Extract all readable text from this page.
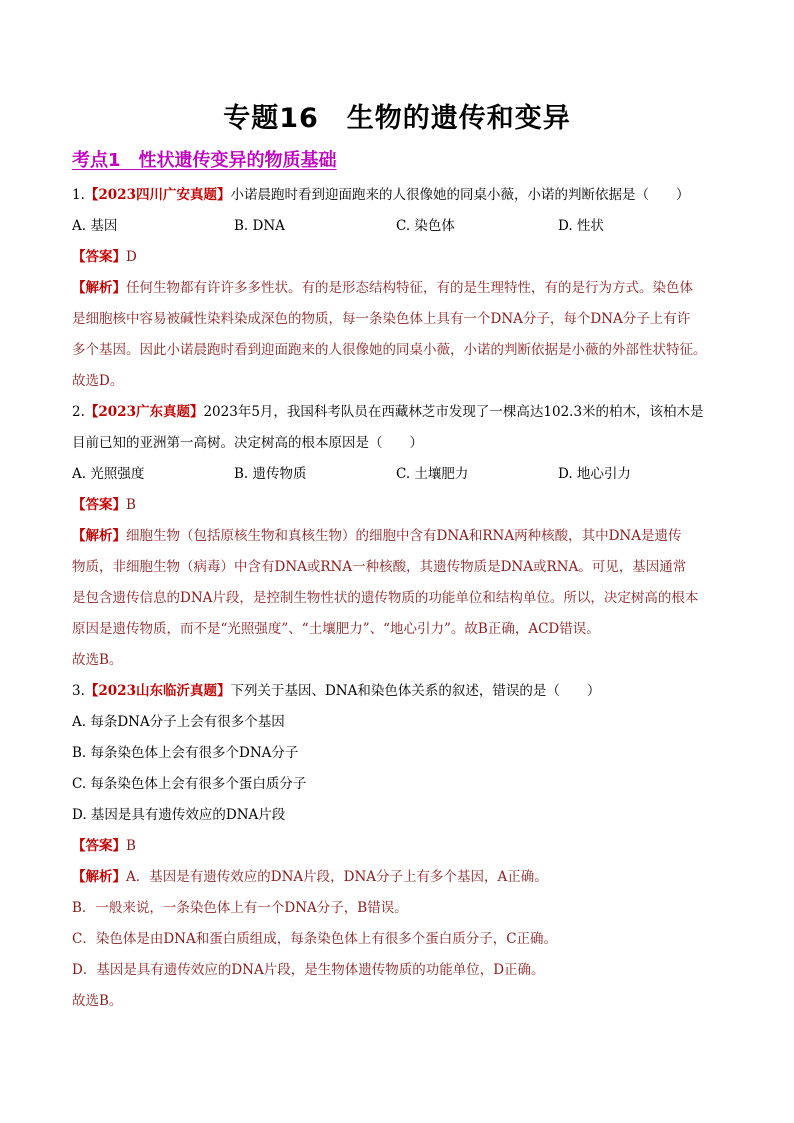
专题16　生物的遗传和变异
考点1　性状遗传变异的物质基础
1.【2023四川广安真题】小诺晨跑时看到迎面跑来的人很像她的同桌小薇，小诺的判断依据是（　　）
A. 基因	B. DNA	C. 染色体	D. 性状
【答案】D
【解析】任何生物都有许许多多性状。有的是形态结构特征，有的是生理特性，有的是行为方式。染色体
是细胞核中容易被碱性染料染成深色的物质，每一条染色体上具有一个DNA分子，每个DNA分子上有许
多个基因。因此小诺晨跑时看到迎面跑来的人很像她的同桌小薇，小诺的判断依据是小薇的外部性状特征。
故选D。
2.【2023广东真题】2023年5月，我国科考队员在西藏林芝市发现了一棵高达102.3米的柏木，该柏木是
目前已知的亚洲第一高树。决定树高的根本原因是（　　）
A. 光照强度	B. 遗传物质	C. 土壤肥力	D. 地心引力
【答案】B
【解析】细胞生物（包括原核生物和真核生物）的细胞中含有DNA和RNA两种核酸，其中DNA是遗传
物质，非细胞生物（病毒）中含有DNA或RNA一种核酸，其遗传物质是DNA或RNA。可见，基因通常
是包含遗传信息的DNA片段，是控制生物性状的遗传物质的功能单位和结构单位。所以，决定树高的根本
原因是遗传物质，而不是“光照强度”、“土壤肥力”、“地心引力”。故B正确，ACD错误。
故选B。
3.【2023山东临沂真题】下列关于基因、DNA和染色体关系的叙述，错误的是（　　）
A. 每条DNA分子上会有很多个基因
B. 每条染色体上会有很多个DNA分子
C. 每条染色体上会有很多个蛋白质分子
D. 基因是具有遗传效应的DNA片段
【答案】B
【解析】A．基因是有遗传效应的DNA片段，DNA分子上有多个基因，A正确。
B．一般来说，一条染色体上有一个DNA分子，B错误。
C．染色体是由DNA和蛋白质组成，每条染色体上有很多个蛋白质分子，C正确。
D．基因是具有遗传效应的DNA片段，是生物体遗传物质的功能单位，D正确。
故选B。
